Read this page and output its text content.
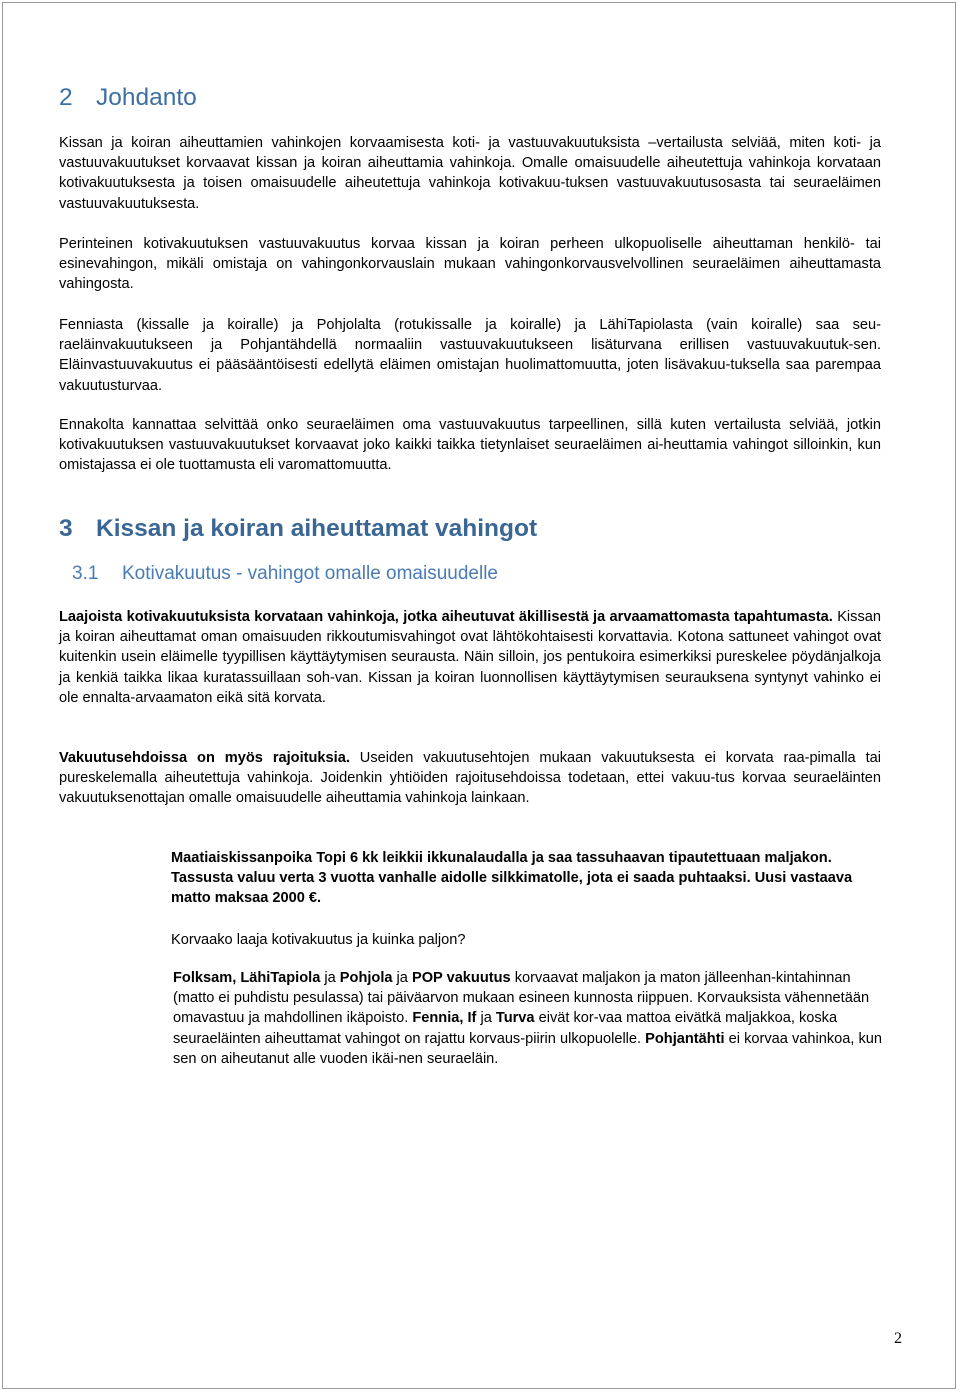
2 Johdanto

Kissan ja koiran aiheuttamien vahinkojen korvaamisesta koti- ja vastuuvakuutuksista –vertailusta selviää, miten koti- ja vastuuvakuutukset korvaavat kissan ja koiran aiheuttamia vahinkoja. Omalle omaisuudelle aiheutettuja vahinkoja korvataan kotivakuutuksesta ja toisen omaisuudelle aiheutettuja vahinkoja kotivakuu-tuksen vastuuvakuutusosasta tai seuraeläimen vastuuvakuutuksesta.

Perinteinen kotivakuutuksen vastuuvakuutus korvaa kissan ja koiran perheen ulkopuoliselle aiheuttaman henkilö- tai esinevahingon, mikäli omistaja on vahingonkorvauslain mukaan vahingonkorvausvelvollinen seuraeläimen aiheuttamasta vahingosta.

Fenniasta (kissalle ja koiralle) ja Pohjolalta (rotukissalle ja koiralle) ja LähiTapiolasta (vain koiralle) saa seu-raeläinvakuutukseen ja Pohjantähdellä normaaliin vastuuvakuutukseen lisäturvana erillisen vastuuvakuutuk-sen. Eläinvastuuvakuutus ei pääsääntöisesti edellytä eläimen omistajan huolimattomuutta, joten lisävakuu-tuksella saa parempaa vakuutusturvaa.

Ennakolta kannattaa selvittää onko seuraeläimen oma vastuuvakuutus tarpeellinen, sillä kuten vertailusta selviää, jotkin kotivakuutuksen vastuuvakuutukset korvaavat joko kaikki taikka tietynlaiset seuraeläimen ai-heuttamia vahingot silloinkin, kun omistajassa ei ole tuottamusta eli varomattomuutta.

3 Kissan ja koiran aiheuttamat vahingot
3.1 Kotivakuutus - vahingot omalle omaisuudelle

Laajoista kotivakuutuksista korvataan vahinkoja, jotka aiheutuvat äkillisestä ja arvaamattomasta tapahtumasta. Kissan ja koiran aiheuttamat oman omaisuuden rikkoutumisvahingot ovat lähtökohtaisesti korvattavia. Kotona sattuneet vahingot ovat kuitenkin usein eläimelle tyypillisen käyttäytymisen seurausta. Näin silloin, jos pentukoira esimerkiksi pureskelee pöydänjalkoja ja kenkiä taikka likaa kuratassuillaan soh-van. Kissan ja koiran luonnollisen käyttäytymisen seurauksena syntynyt vahinko ei ole ennalta-arvaamaton eikä sitä korvata.

Vakuutusehdoissa on myös rajoituksia. Useiden vakuutusehtojen mukaan vakuutuksesta ei korvata raa-pimalla tai pureskelemalla aiheutettuja vahinkoja. Joidenkin yhtiöiden rajoitusehdoissa todetaan, ettei vakuu-tus korvaa seuraeläinten vakuutuksenottajan omalle omaisuudelle aiheuttamia vahinkoja lainkaan.

Maatiaiskissanpoika Topi 6 kk leikkii ikkunalaudalla ja saa tassuhaavan tipautettuaan maljakon. Tassusta valuu verta 3 vuotta vanhalle aidolle silkkimatolle, jota ei saada puhtaaksi. Uusi vastaava matto maksaa 2000 €.

Korvaako laaja kotivakuutus ja kuinka paljon?

Folksam, LähiTapiola ja Pohjola ja POP vakuutus korvaavat maljakon ja maton jälleenhan-kintahinnan (matto ei puhdistu pesulassa) tai päiväarvon mukaan esineen kunnosta riippuen. Korvauksista vähennetään omavastuu ja mahdollinen ikäpoisto. Fennia, If ja Turva eivät kor-vaa mattoa eivätkä maljakkoa, koska seuraeläinten aiheuttamat vahingot on rajattu korvaus-piirin ulkopuolelle. Pohjantähti ei korvaa vahinkoa, kun sen on aiheutanut alle vuoden ikäi-nen seuraeläin.

2
